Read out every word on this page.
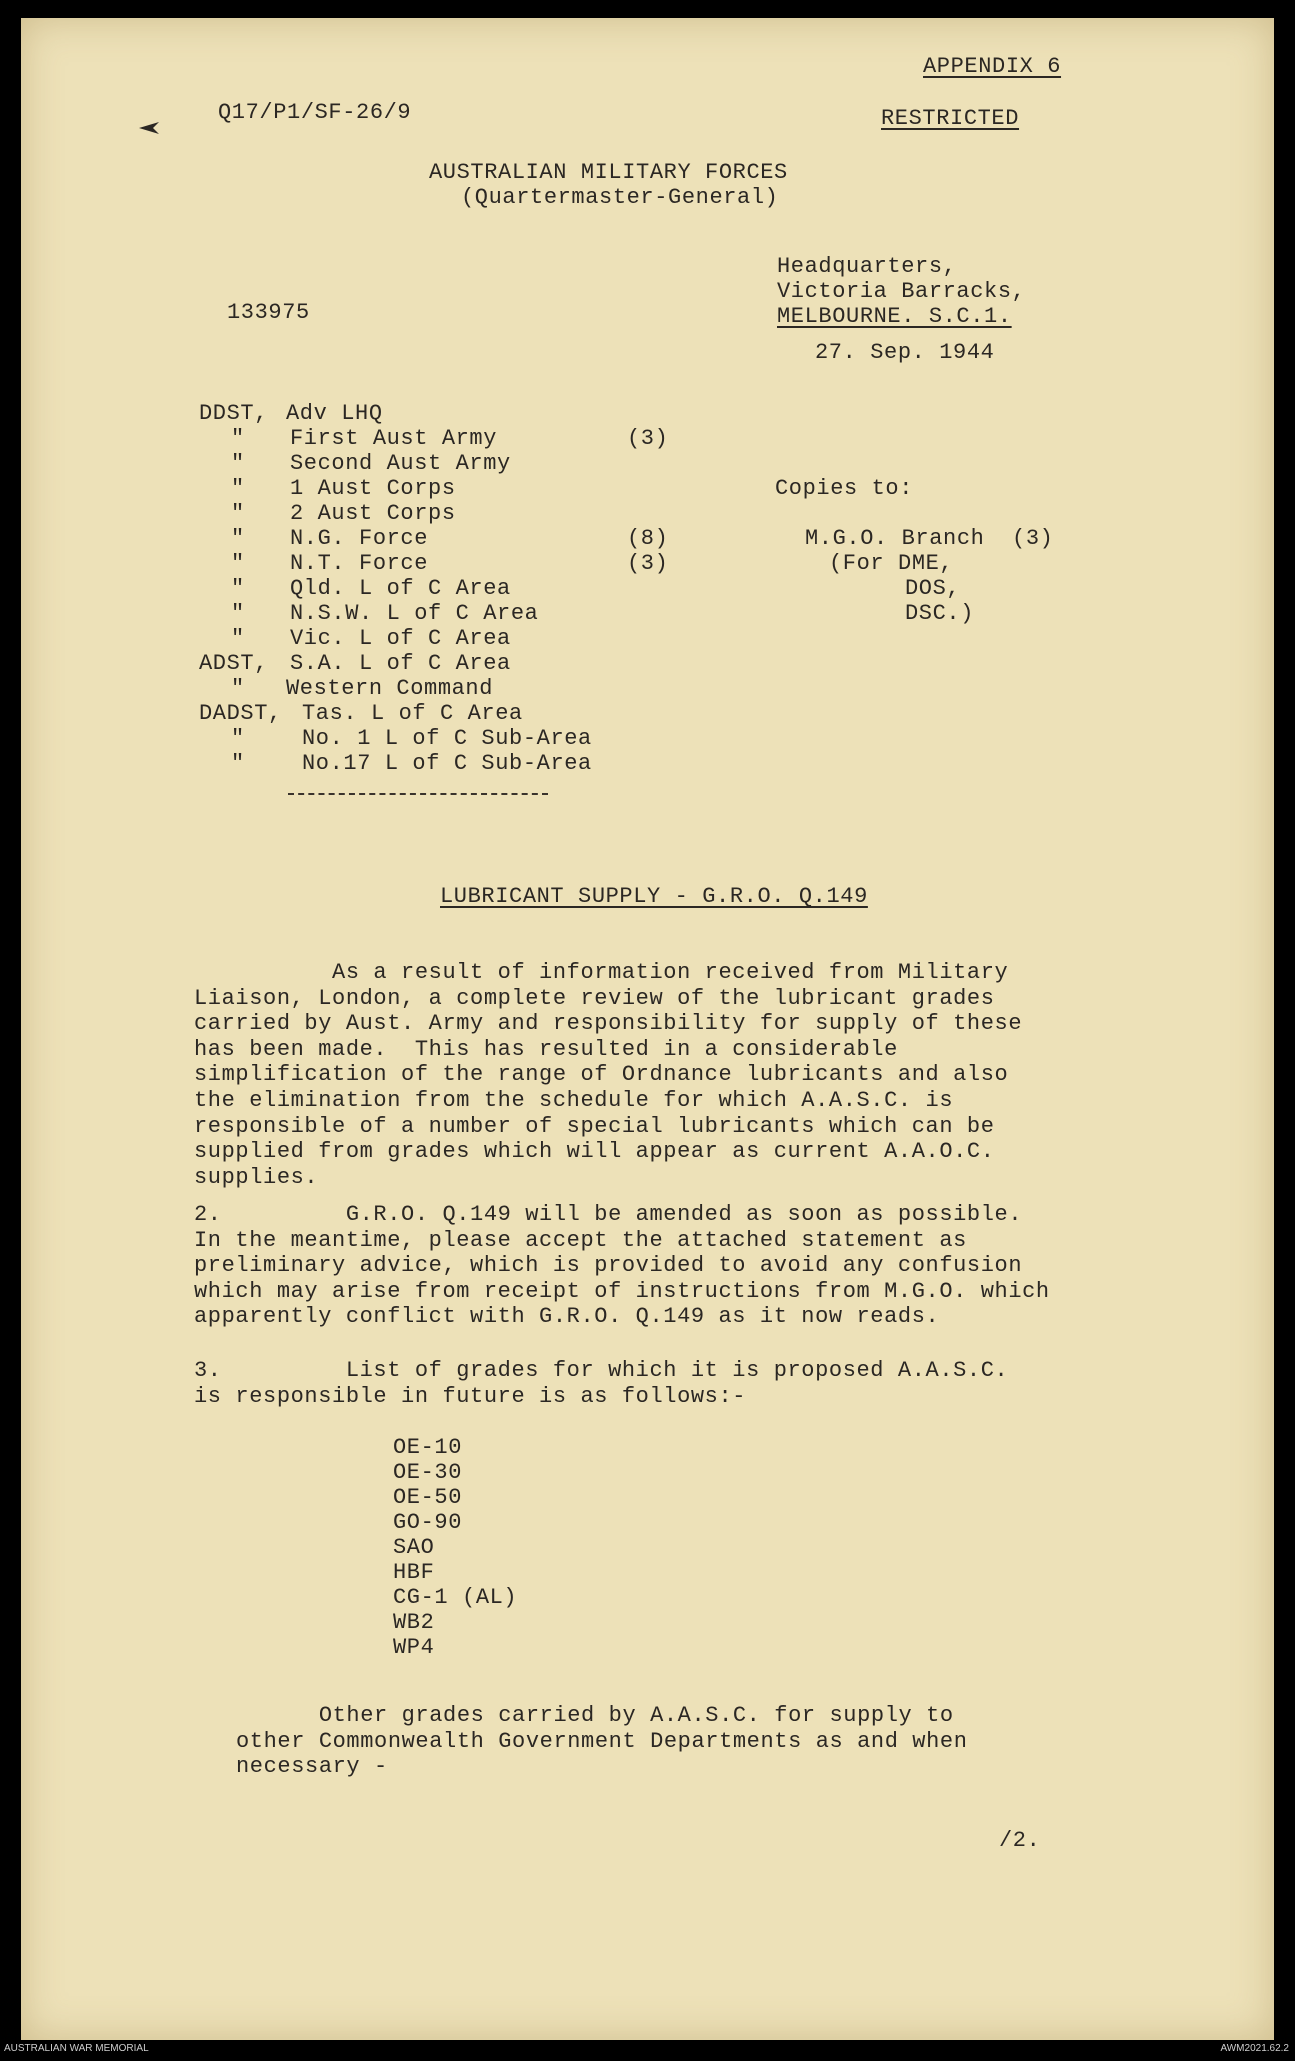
APPENDIX 6
Q17/P1/SF-26/9	RESTRICTED
AUSTRALIAN MILITARY FORCES
(Quartermaster-General)
Headquarters,
Victoria Barracks,
MELBOURNE. S.C.1.
133975
27. Sep. 1944
DDST, Adv LHQ
" First Aust Army	(3)
" Second Aust Army
" 1 Aust Corps
" 2 Aust Corps
" N.G. Force	(8)
" N.T. Force	(3)
" Qld. L of C Area
" N.S.W. L of C Area
" Vic. L of C Area
ADST, S.A. L of C Area
" Western Command
DADST, Tas. L of C Area
"	No. 1 L of C Sub-Area
"	No.17 L of C Sub-Area
Copies to:
M.G.O. Branch  (3)
(For DME,
DOS,
DSC.)
LUBRICANT SUPPLY - G.R.O. Q.149
As a result of information received from Military
Liaison, London, a complete review of the lubricant grades
carried by Aust. Army and responsibility for supply of these
has been made.  This has resulted in a considerable
simplification of the range of Ordnance lubricants and also
the elimination from the schedule for which A.A.S.C. is
responsible of a number of special lubricants which can be
supplied from grades which will appear as current A.A.O.C.
supplies.
2.         G.R.O. Q.149 will be amended as soon as possible.
In the meantime, please accept the attached statement as
preliminary advice, which is provided to avoid any confusion
which may arise from receipt of instructions from M.G.O. which
apparently conflict with G.R.O. Q.149 as it now reads.
3.         List of grades for which it is proposed A.A.S.C.
is responsible in future is as follows:-
OE-10
OE-30
OE-50
GO-90
SAO
HBF
CG-1 (AL)
WB2
WP4
Other grades carried by A.A.S.C. for supply to
other Commonwealth Government Departments as and when
necessary -
/2.
AUSTRALIAN WAR MEMORIAL	AWM2021.62.2
